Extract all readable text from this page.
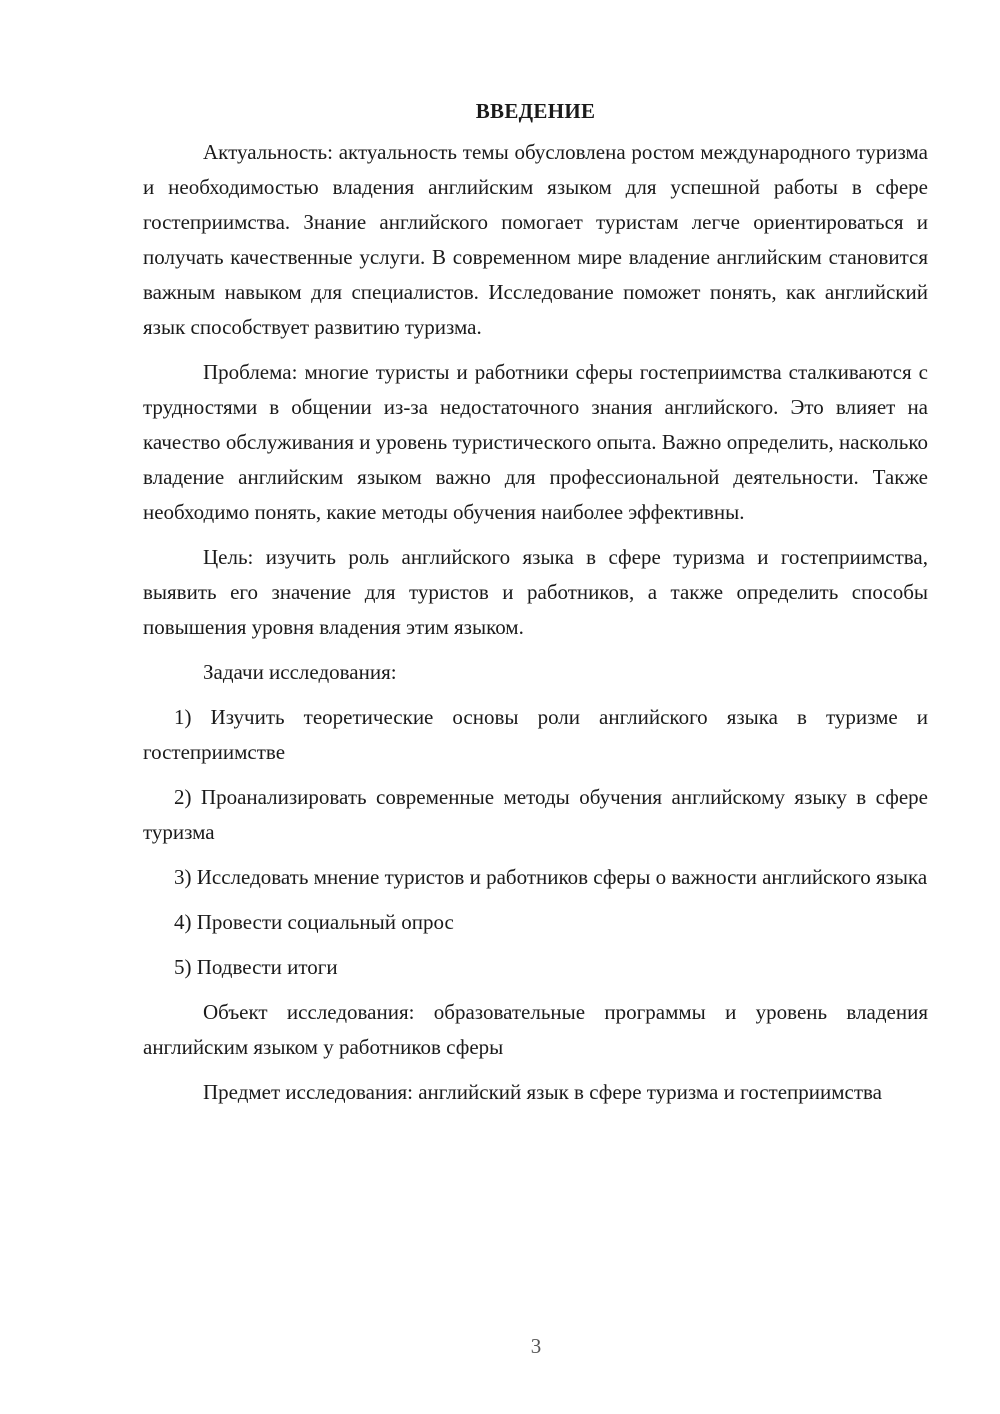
ВВЕДЕНИЕ

Актуальность: актуальность темы обусловлена ростом международного туризма и необходимостью владения английским языком для успешной работы в сфере гостеприимства. Знание английского помогает туристам легче ориентироваться и получать качественные услуги. В современном мире владение английским становится важным навыком для специалистов. Исследование поможет понять, как английский язык способствует развитию туризма.

Проблема: многие туристы и работники сферы гостеприимства сталкиваются с трудностями в общении из-за недостаточного знания английского. Это влияет на качество обслуживания и уровень туристического опыта. Важно определить, насколько владение английским языком важно для профессиональной деятельности. Также необходимо понять, какие методы обучения наиболее эффективны.

Цель: изучить роль английского языка в сфере туризма и гостеприимства, выявить его значение для туристов и работников, а также определить способы повышения уровня владения этим языком.

Задачи исследования:

1) Изучить теоретические основы роли английского языка в туризме и гостеприимстве

2) Проанализировать современные методы обучения английскому языку в сфере туризма

3) Исследовать мнение туристов и работников сферы о важности английского языка

4) Провести социальный опрос

5) Подвести итоги

Объект исследования: образовательные программы и уровень владения английским языком у работников сферы

Предмет исследования: английский язык в сфере туризма и гостеприимства

3
